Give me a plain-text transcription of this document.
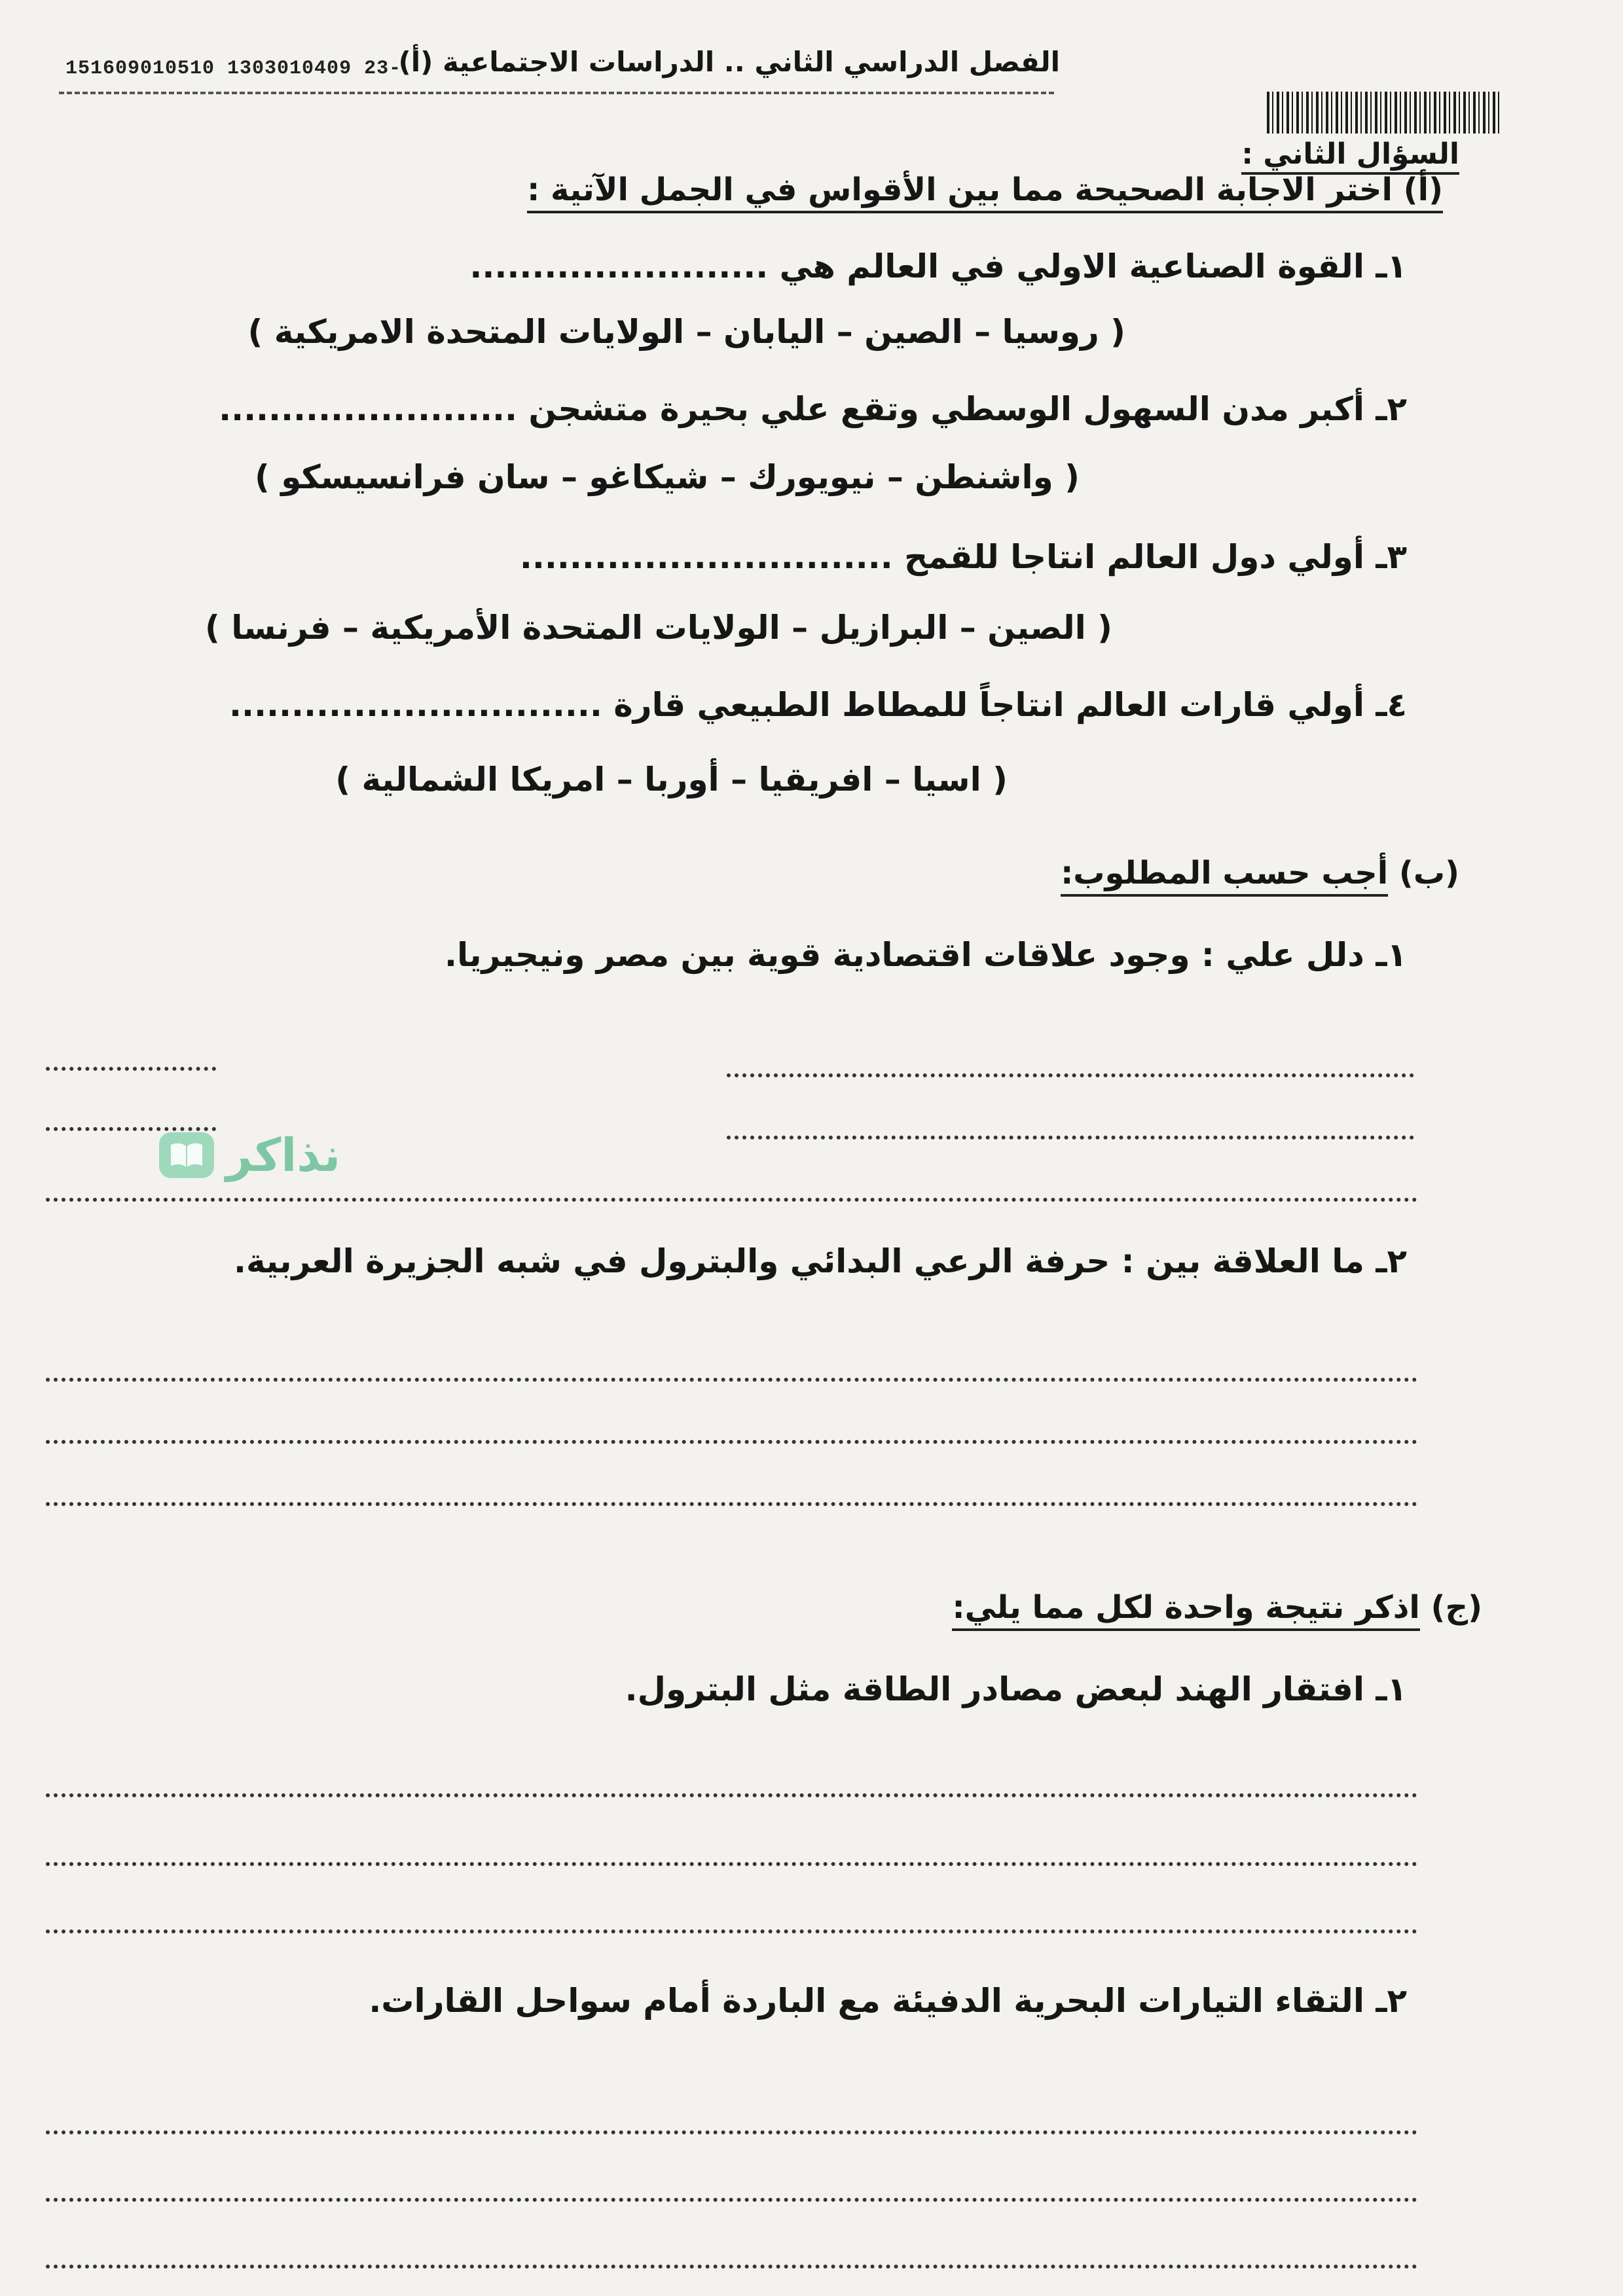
151609010510 1303010409 23-
الفصل الدراسي الثاني .. الدراسات الاجتماعية (أ)
السؤال الثاني :
(أ) اختر الاجابة الصحيحة مما بين الأقواس في الجمل الآتية :
١ـ القوة الصناعية الاولي في العالم هي ........................
( روسيا – الصين – اليابان – الولايات المتحدة الامريكية )
٢ـ أكبر مدن السهول الوسطي وتقع علي بحيرة متشجن ........................
( واشنطن – نيويورك – شيكاغو – سان فرانسيسكو )
٣ـ أولي دول العالم انتاجا للقمح ..............................
( الصين – البرازيل – الولايات المتحدة الأمريكية – فرنسا )
٤ـ أولي قارات العالم انتاجاً للمطاط الطبيعي قارة ..............................
( اسيا – افريقيا – أوربا – امريكا الشمالية )
(ب) أجب حسب المطلوب:
١ـ دلل علي : وجود علاقات اقتصادية قوية بين مصر ونيجيريا.
نذاكر
٢ـ ما العلاقة بين : حرفة الرعي البدائي والبترول في شبه الجزيرة العربية.
(ج) اذكر نتيجة واحدة لكل مما يلي:
١ـ افتقار الهند لبعض مصادر الطاقة مثل البترول.
٢ـ التقاء التيارات البحرية الدفيئة مع الباردة أمام سواحل القارات.
